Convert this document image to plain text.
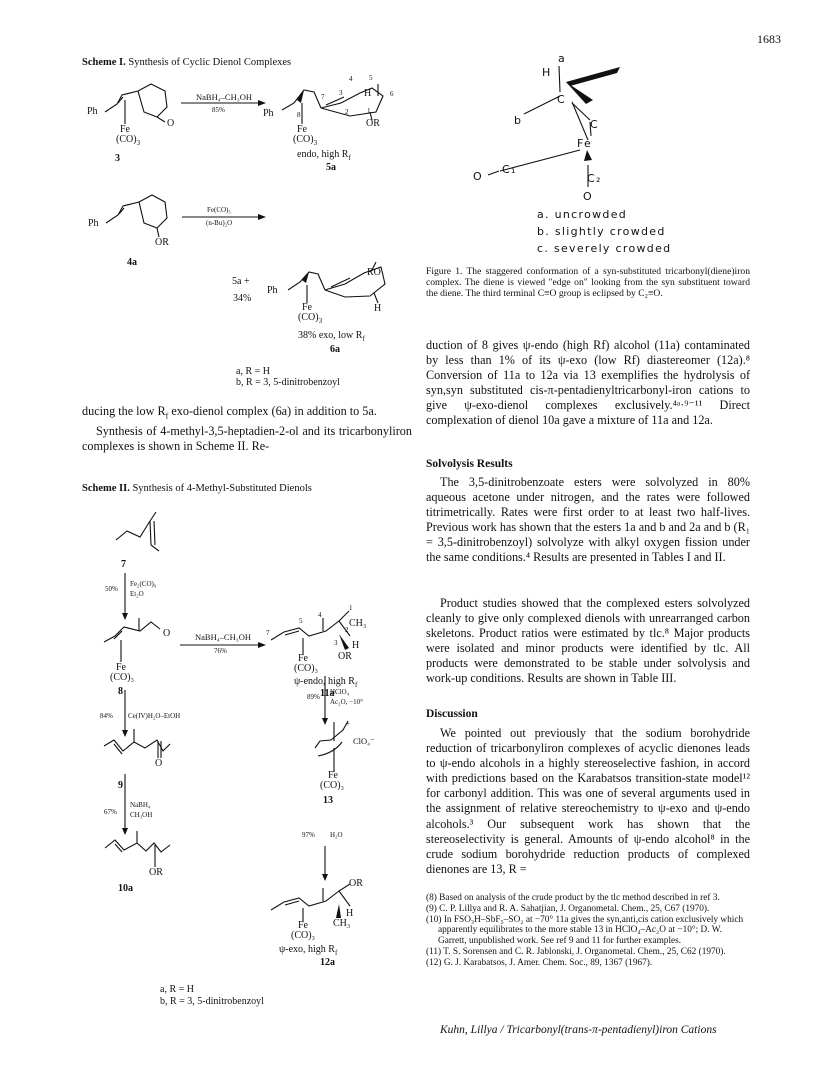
1683
Scheme I. Synthesis of Cyclic Dienol Complexes
Ph
Fe
$(CO)_3$
O
3
NaBH₄–CH₃OH
85%	Ph
Fe
$(CO)_3$
OR
H
4 5
3	6
7
2
8	1
endo, high $R_f$
5a
Ph
OR
4a
Fe(CO)₅
(n-Bu)₂O
5a +
34%
Ph
RO
H
Fe
$(CO)_3$
38% exo, low $R_f$
6a
a, R = H
b, R = 3, 5-dinitrobenzoyl

ducing the low $R_f$ exo-dienol complex (6a) in addition to 5a.

Synthesis of 4-methyl-3,5-heptadien-2-ol and its tricarbonyliron complexes is shown in Scheme II. Re-

Scheme II. Synthesis of 4-Methyl-Substituted Dienols
7
Fe₂(CO)₉
Et₂O
50%
O
Fe
(CO)₃
8
NaBH₄–CH₃OH
76%
7
5
4
3
2
1
CH₃
H
OR
Fe
(CO)₃
ψ-endo, high $R_f$
11a
84% Ce(IV)H₂O–EtOH
O
9
HClO₄
Ac₂O, −10°
89%
ClO₄⁻
+
Fe
(CO)₃
13
97% H₂O
67%
NaBH₄
CH₃OH
OR
10a	OR
H
CH₃
Fe
(CO)₃
ψ-exo, high $R_f$
12a
a, R = H
b, R = 3, 5-dinitrobenzoyl
a
H
C
b	C
Fe
O
C₁
C₂
O
a. uncrowded
b. slightly crowded
c. severely crowded
Figure 1. The staggered conformation of a syn-substituted tricarbonyl(diene)iron complex. The diene is viewed "edge on" looking from the syn substituent toward the diene. The third terminal C≡O group is eclipsed by C₂≡O.
duction of 8 gives ψ-endo (high Rf) alcohol (11a) contaminated by less than 1% of its ψ-exo (low Rf) diastereomer (12a).⁸ Conversion of 11a to 12a via 13 exemplifies the hydrolysis of syn,syn substituted cis-π-pentadienyltricarbonyl-iron cations to give ψ-exo-dienol complexes exclusively.⁴ᵃ·⁹⁻¹¹ Direct complexation of dienol 10a gave a mixture of 11a and 12a.
Solvolysis Results
The 3,5-dinitrobenzoate esters were solvolyzed in 80% aqueous acetone under nitrogen, and the rates were followed titrimetrically. Rates were first order to at least two half-lives. Previous work has shown that the esters 1a and b and 2a and b (R₁ = 3,5-dinitrobenzoyl) solvolyze with alkyl oxygen fission under the same conditions.⁴ Results are presented in Tables I and II.
Product studies showed that the complexed esters solvolyzed cleanly to give only complexed dienols with unrearranged carbon skeletons. Product ratios were estimated by tlc.⁸ Major products were isolated and minor products were identified by tlc. All products were demonstrated to be stable under solvolysis and work-up conditions. Results are shown in Table III.
Discussion
We pointed out previously that the sodium borohydride reduction of tricarbonyliron complexes of acyclic dienones leads to ψ-endo alcohols in a highly stereoselective fashion, in accord with predictions based on the Karabatsos transition-state model¹² for carbonyl addition. This was one of several arguments used in the assignment of relative stereochemistry to ψ-exo and ψ-endo alcohols.³ Our subsequent work has shown that the stereoselectivity is general. Amounts of ψ-endo alcohol⁸ in the crude sodium borohydride reduction products of complexed dienones are 13, R =

(8) Based on analysis of the crude product by the tlc method described in ref 3.

(9) C. P. Lillya and R. A. Sahatjian, J. Organometal. Chem., 25, C67 (1970).

(10) In FSO₃H–SbF₅–SO₂ at −70° 11a gives the syn,anti,cis cation exclusively which apparently equilibrates to the more stable 13 in HClO₄–Ac₂O at −10°; D. W. Garrett, unpublished work. See ref 9 and 11 for further examples.

(11) T. S. Sorensen and C. R. Jablonski, J. Organometal. Chem., 25, C62 (1970).

(12) G. J. Karabatsos, J. Amer. Chem. Soc., 89, 1367 (1967).

Kuhn, Lillya / Tricarbonyl(trans-π-pentadienyl)iron Cations
